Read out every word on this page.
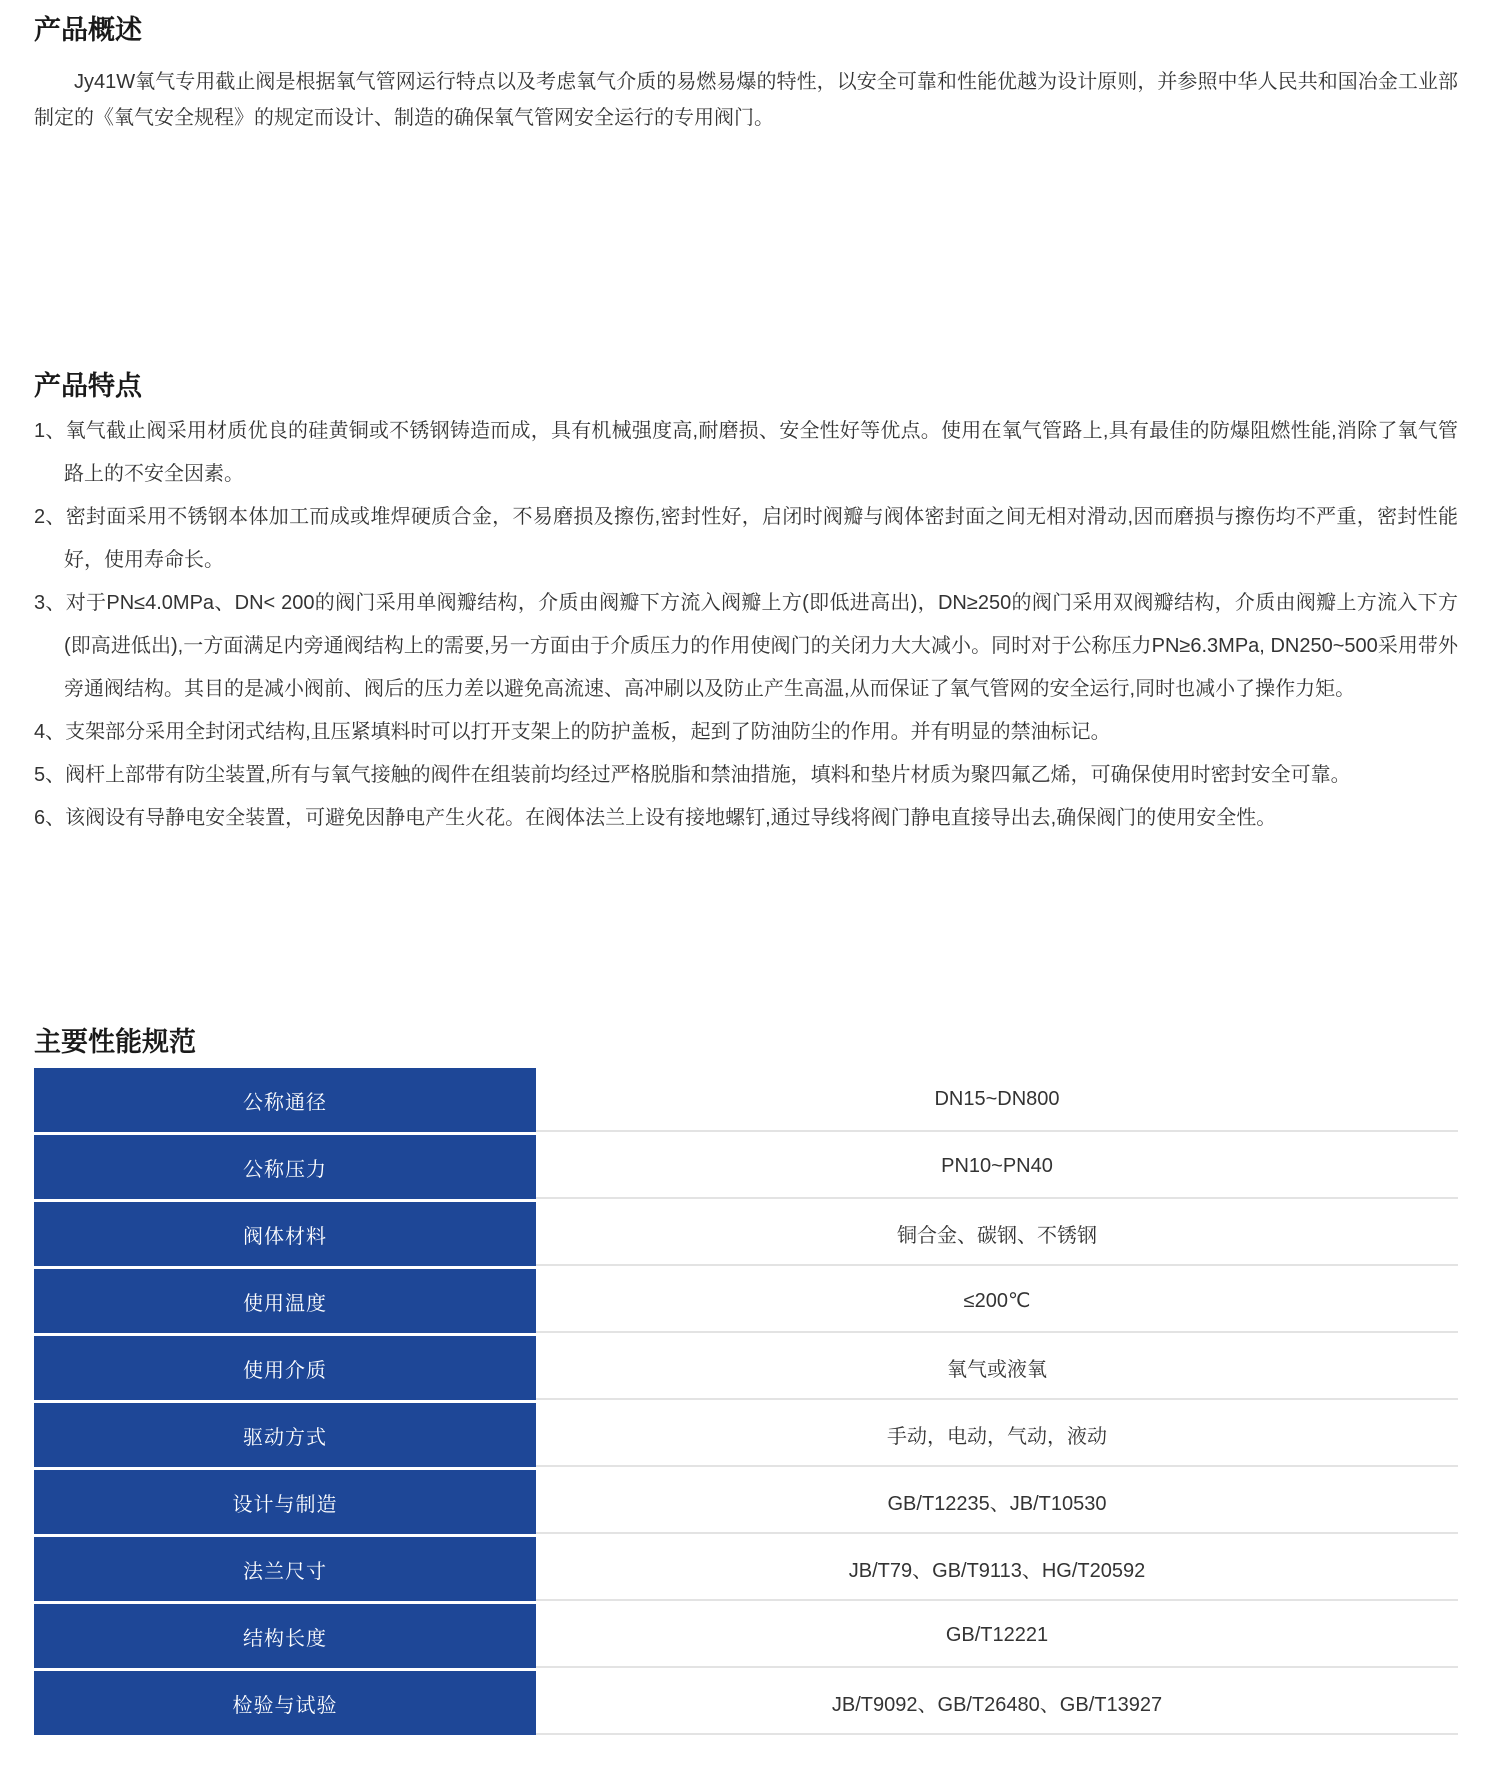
产品概述

Jy41W氧气专用截止阀是根据氧气管网运行特点以及考虑氧气介质的易燃易爆的特性，以安全可靠和性能优越为设计原则，并参照中华人民共和国冶金工业部制定的《氧气安全规程》的规定而设计、制造的确保氧气管网安全运行的专用阀门。

产品特点
1、氧气截止阀采用材质优良的硅黄铜或不锈钢铸造而成，具有机械强度高,耐磨损、安全性好等优点。使用在氧气管路上,具有最佳的防爆阻燃性能,消除了氧气管路上的不安全因素。
2、密封面采用不锈钢本体加工而成或堆焊硬质合金，不易磨损及擦伤,密封性好，启闭时阀瓣与阀体密封面之间无相对滑动,因而磨损与擦伤均不严重，密封性能好，使用寿命长。
3、对于PN≤4.0MPa、DN< 200的阀门采用单阀瓣结构，介质由阀瓣下方流入阀瓣上方(即低进高出)，DN≥250的阀门采用双阀瓣结构，介质由阀瓣上方流入下方(即高进低出),一方面满足内旁通阀结构上的需要,另一方面由于介质压力的作用使阀门的关闭力大大减小。同时对于公称压力PN≥6.3MPa, DN250~500采用带外旁通阀结构。其目的是减小阀前、阀后的压力差以避免高流速、高冲刷以及防止产生高温,从而保证了氧气管网的安全运行,同时也减小了操作力矩。
4、支架部分采用全封闭式结构,且压紧填料时可以打开支架上的防护盖板，起到了防油防尘的作用。并有明显的禁油标记。
5、阀杆上部带有防尘装置,所有与氧气接触的阀件在组装前均经过严格脱脂和禁油措施，填料和垫片材质为聚四氟乙烯，可确保使用时密封安全可靠。
6、该阀设有导静电安全装置，可避免因静电产生火花。在阀体法兰上设有接地螺钉,通过导线将阀门静电直接导出去,确保阀门的使用安全性。
主要性能规范
公称通径	DN15~DN800
公称压力	PN10~PN40
阀体材料	铜合金、碳钢、不锈钢
使用温度	≤200℃
使用介质	氧气或液氧
驱动方式	手动，电动，气动，液动
设计与制造	GB/T12235、JB/T10530
法兰尺寸	JB/T79、GB/T9113、HG/T20592
结构长度	GB/T12221
检验与试验	JB/T9092、GB/T26480、GB/T13927
